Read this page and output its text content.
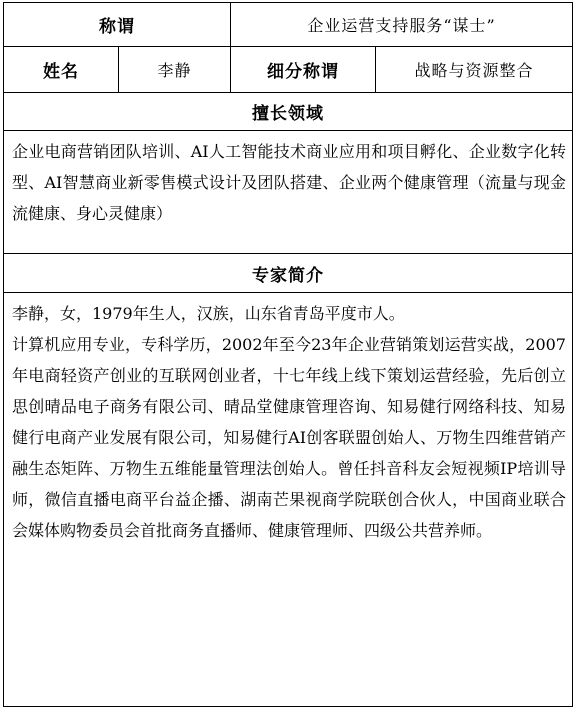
称谓		企业运营支持服务“谋士”	
姓名	李静	细分称谓	战略与资源整合
擅长领域			

企业电商营销团队培训、AI人工智能技术商业应用和项目孵化、企业数字化转型、AI智慧商业新零售模式设计及团队搭建、企业两个健康管理（流量与现金流健康、身心灵健康）			

专家简介			

李静，女，1979年生人，汉族，山东省青岛平度市人。

计算机应用专业，专科学历，2002年至今23年企业营销策划运营实战，2007年电商轻资产创业的互联网创业者，十七年线上线下策划运营经验，先后创立思创晴品电子商务有限公司、晴品堂健康管理咨询、知易健行网络科技、知易健行电商产业发展有限公司，知易健行AI创客联盟创始人、万物生四维营销产融生态矩阵、万物生五维能量管理法创始人。曾任抖音科友会短视频IP培训导师，微信直播电商平台益企播、湖南芒果视商学院联创合伙人，中国商业联合会媒体购物委员会首批商务直播师、健康管理师、四级公共营养师。			
